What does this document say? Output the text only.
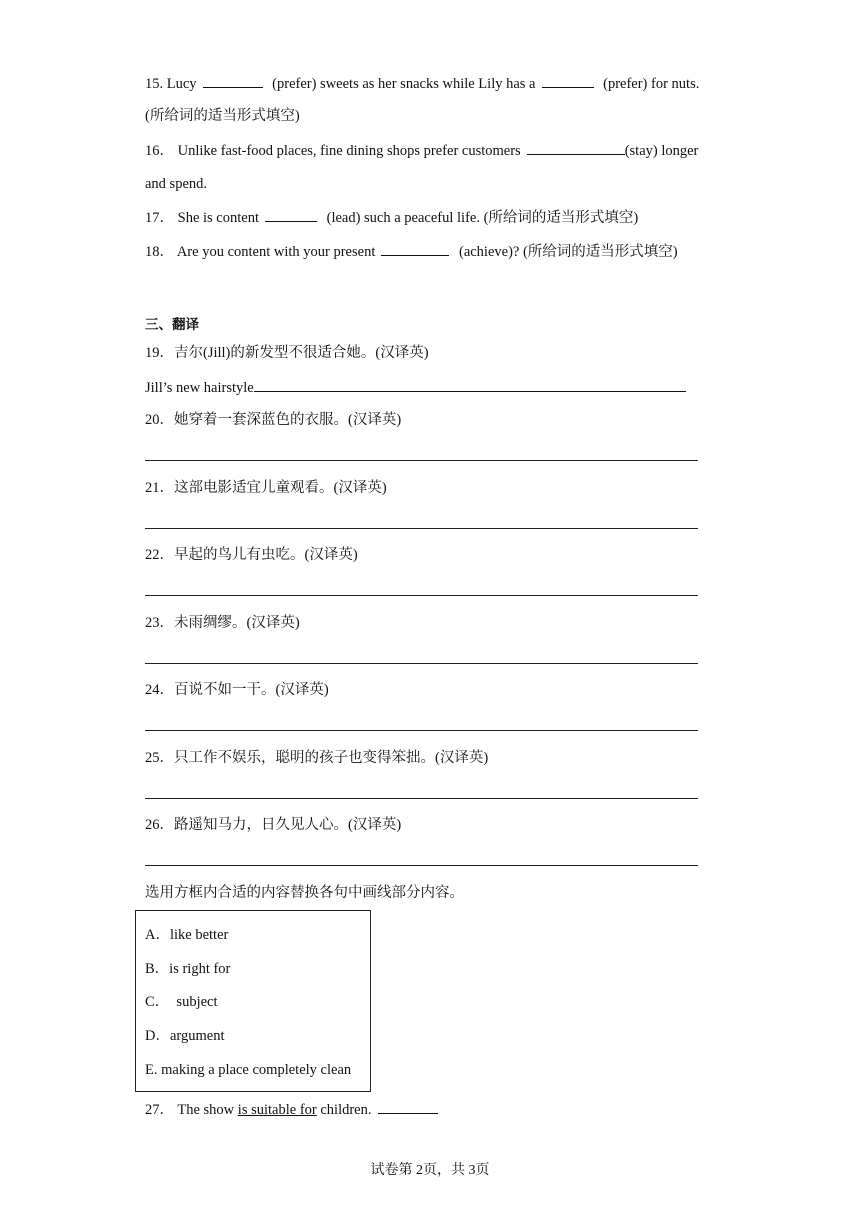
15. Lucy	(prefer) sweets as her snacks while Lily has a	(prefer) for nuts.
(所给词的适当形式填空)
16． Unlike fast-food places, fine dining shops prefer customers	(stay) longer
and spend.
17． She is content	(lead) such a peaceful life. (所给词的适当形式填空)
18． Are you content with your present	(achieve)? (所给词的适当形式填空)
三、翻译
19．吉尔(Jill)的新发型不很适合她。(汉译英)
Jill’s new hairstyle
20．她穿着一套深蓝色的衣服。(汉译英)
21．这部电影适宜儿童观看。(汉译英)
22．早起的鸟儿有虫吃。(汉译英)
23．未雨绸缪。(汉译英)
24．百说不如一干。(汉译英)
25．只工作不娱乐，聪明的孩子也变得笨拙。(汉译英)
26．路遥知马力，日久见人心。(汉译英)
选用方框内合适的内容替换各句中画线部分内容。
A．like better
B．is right for
C．  subject
D．argument
E. making a place completely clean
27． The show is suitable for children.
试卷第 2页，共 3页
